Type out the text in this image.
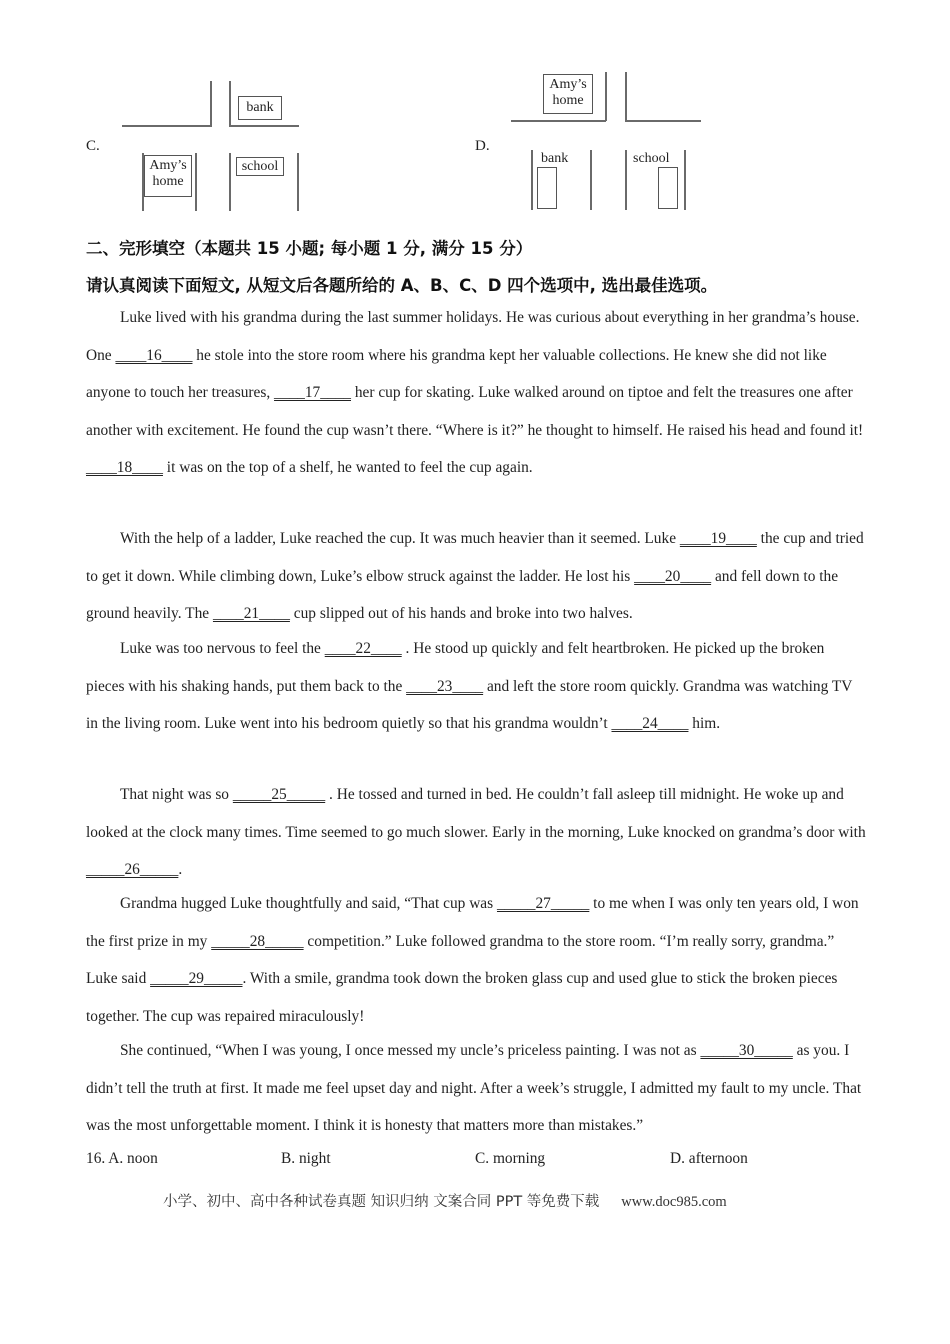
C.
bank
Amy’s home
school
D.
Amy’s home
bank	school
二、完形填空（本题共 15 小题; 每小题 1 分, 满分 15 分）
请认真阅读下面短文, 从短文后各题所给的 A、B、C、D 四个选项中, 选出最佳选项。
Luke lived with his grandma during the last summer holidays. He was curious about everything in her grandma’s house. One ____16____ he stole into the store room where his grandma kept her valuable collections. He knew she did not like anyone to touch her treasures, ____17____ her cup for skating. Luke walked around on tiptoe and felt the treasures one after another with excitement. He found the cup wasn’t there. “Where is it?” he thought to himself. He raised his head and found it! ____18____ it was on the top of a shelf, he wanted to feel the cup again.
With the help of a ladder, Luke reached the cup. It was much heavier than it seemed. Luke ____19____ the cup and tried to get it down. While climbing down, Luke’s elbow struck against the ladder. He lost his ____20____ and fell down to the ground heavily. The ____21____ cup slipped out of his hands and broke into two halves.
Luke was too nervous to feel the ____22____ . He stood up quickly and felt heartbroken. He picked up the broken pieces with his shaking hands, put them back to the ____23____ and left the store room quickly. Grandma was watching TV in the living room. Luke went into his bedroom quietly so that his grandma wouldn’t ____24____ him.
That night was so _____25_____ . He tossed and turned in bed. He couldn’t fall asleep till midnight. He woke up and looked at the clock many times. Time seemed to go much slower. Early in the morning, Luke knocked on grandma’s door with _____26_____.
Grandma hugged Luke thoughtfully and said, “That cup was _____27_____ to me when I was only ten years old, I won the first prize in my _____28_____ competition.” Luke followed grandma to the store room. “I’m really sorry, grandma.” Luke said _____29_____. With a smile, grandma took down the broken glass cup and used glue to stick the broken pieces together. The cup was repaired miraculously!
She continued, “When I was young, I once messed my uncle’s priceless painting. I was not as _____30_____ as you. I didn’t tell the truth at first. It made me feel upset day and night. After a week’s struggle, I admitted my fault to my uncle. That was the most unforgettable moment. I think it is honesty that matters more than mistakes.”
16. A. noon	B. night	C. morning	D. afternoon
小学、初中、高中各种试卷真题 知识归纳 文案合同 PPT 等免费下载 www.doc985.com
